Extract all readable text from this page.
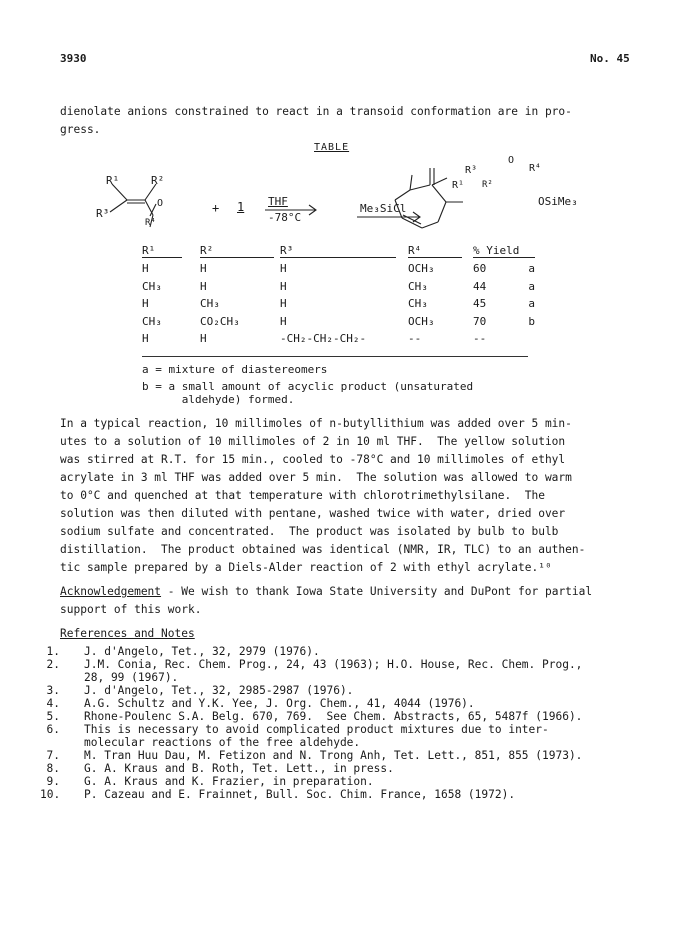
3930	No. 45
dienolate anions constrained to react in a transoid conformation are in pro-
gress.
TABLE
R¹	R²
R³
O
R⁴
+ 1 THF
-78°C
Me₃SiCl
O
R³	R⁴
R¹ R²
OSiMe₃
R¹	R²	R³	R⁴	% Yield	
H	H	H	OCH₃	60	a
CH₃	H	H	CH₃	44	a
H	CH₃	H	CH₃	45	a
CH₃	CO₂CH₃	H	OCH₃	70	b
H	H	-CH₂-CH₂-CH₂-	--	--	
a = mixture of diastereomers
b = a small amount of acyclic product (unsaturated
aldehyde) formed.
In a typical reaction, 10 millimoles of n-butyllithium was added over 5 min-
utes to a solution of 10 millimoles of 2 in 10 ml THF.  The yellow solution
was stirred at R.T. for 15 min., cooled to -78°C and 10 millimoles of ethyl
acrylate in 3 ml THF was added over 5 min.  The solution was allowed to warm
to 0°C and quenched at that temperature with chlorotrimethylsilane.  The
solution was then diluted with pentane, washed twice with water, dried over
sodium sulfate and concentrated.  The product was isolated by bulb to bulb
distillation.  The product obtained was identical (NMR, IR, TLC) to an authen-
tic sample prepared by a Diels-Alder reaction of 2 with ethyl acrylate.¹⁰
Acknowledgement - We wish to thank Iowa State University and DuPont for partial
support of this work.
References and Notes
1. J. d'Angelo, Tet., 32, 2979 (1976).
2. J.M. Conia, Rec. Chem. Prog., 24, 43 (1963); H.O. House, Rec. Chem. Prog.,
28, 99 (1967).
3. J. d'Angelo, Tet., 32, 2985-2987 (1976).
4. A.G. Schultz and Y.K. Yee, J. Org. Chem., 41, 4044 (1976).
5. Rhone-Poulenc S.A. Belg. 670, 769.  See Chem. Abstracts, 65, 5487f (1966).
6. This is necessary to avoid complicated product mixtures due to inter-
molecular reactions of the free aldehyde.
7. M. Tran Huu Dau, M. Fetizon and N. Trong Anh, Tet. Lett., 851, 855 (1973).
8. G. A. Kraus and B. Roth, Tet. Lett., in press.
9. G. A. Kraus and K. Frazier, in preparation.
10. P. Cazeau and E. Frainnet, Bull. Soc. Chim. France, 1658 (1972).
